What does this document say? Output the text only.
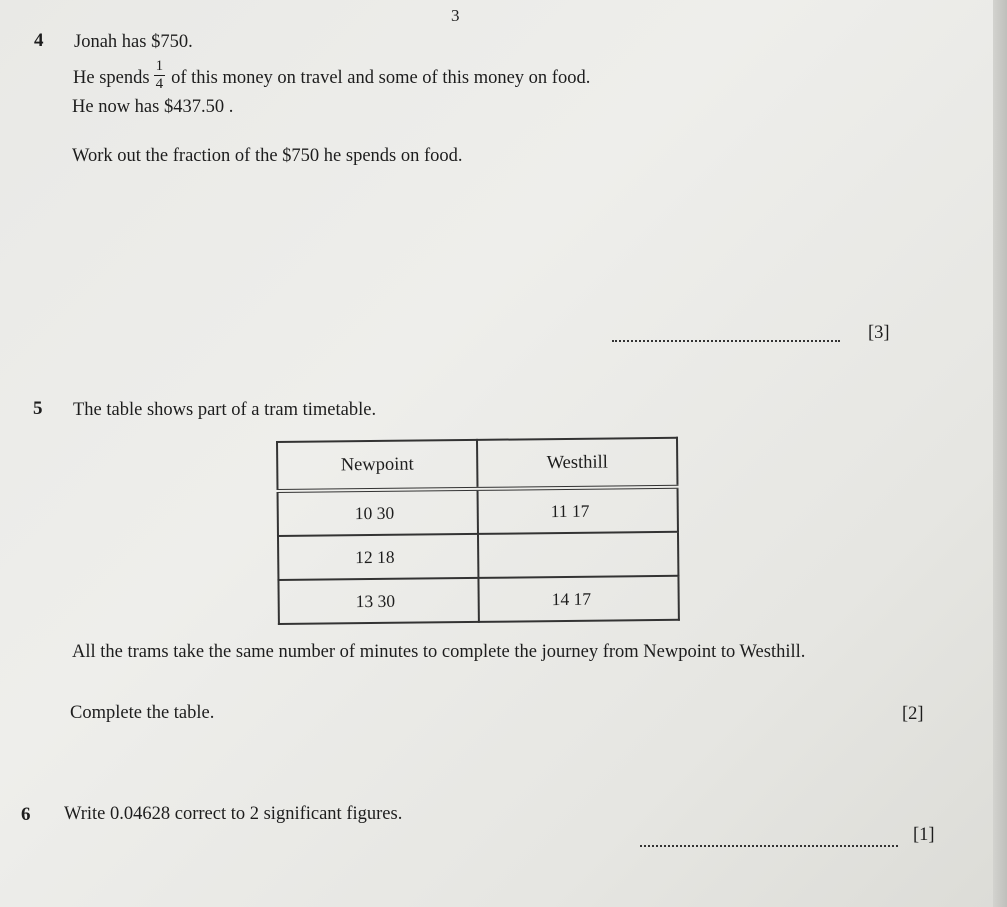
3
4 Jonah has $750.
He spends $\frac{1}{4}$ of this money on travel and some of this money on food.
He now has $437.50 .
Work out the fraction of the $750 he spends on food.
[3]
5 The table shows part of a tram timetable.
Newpoint	Westhill
10 30	11 17
12 18	
13 30	14 17
All the trams take the same number of minutes to complete the journey from Newpoint to Westhill.
Complete the table.	[2]
6 Write 0.04628 correct to 2 significant figures.
[1]
